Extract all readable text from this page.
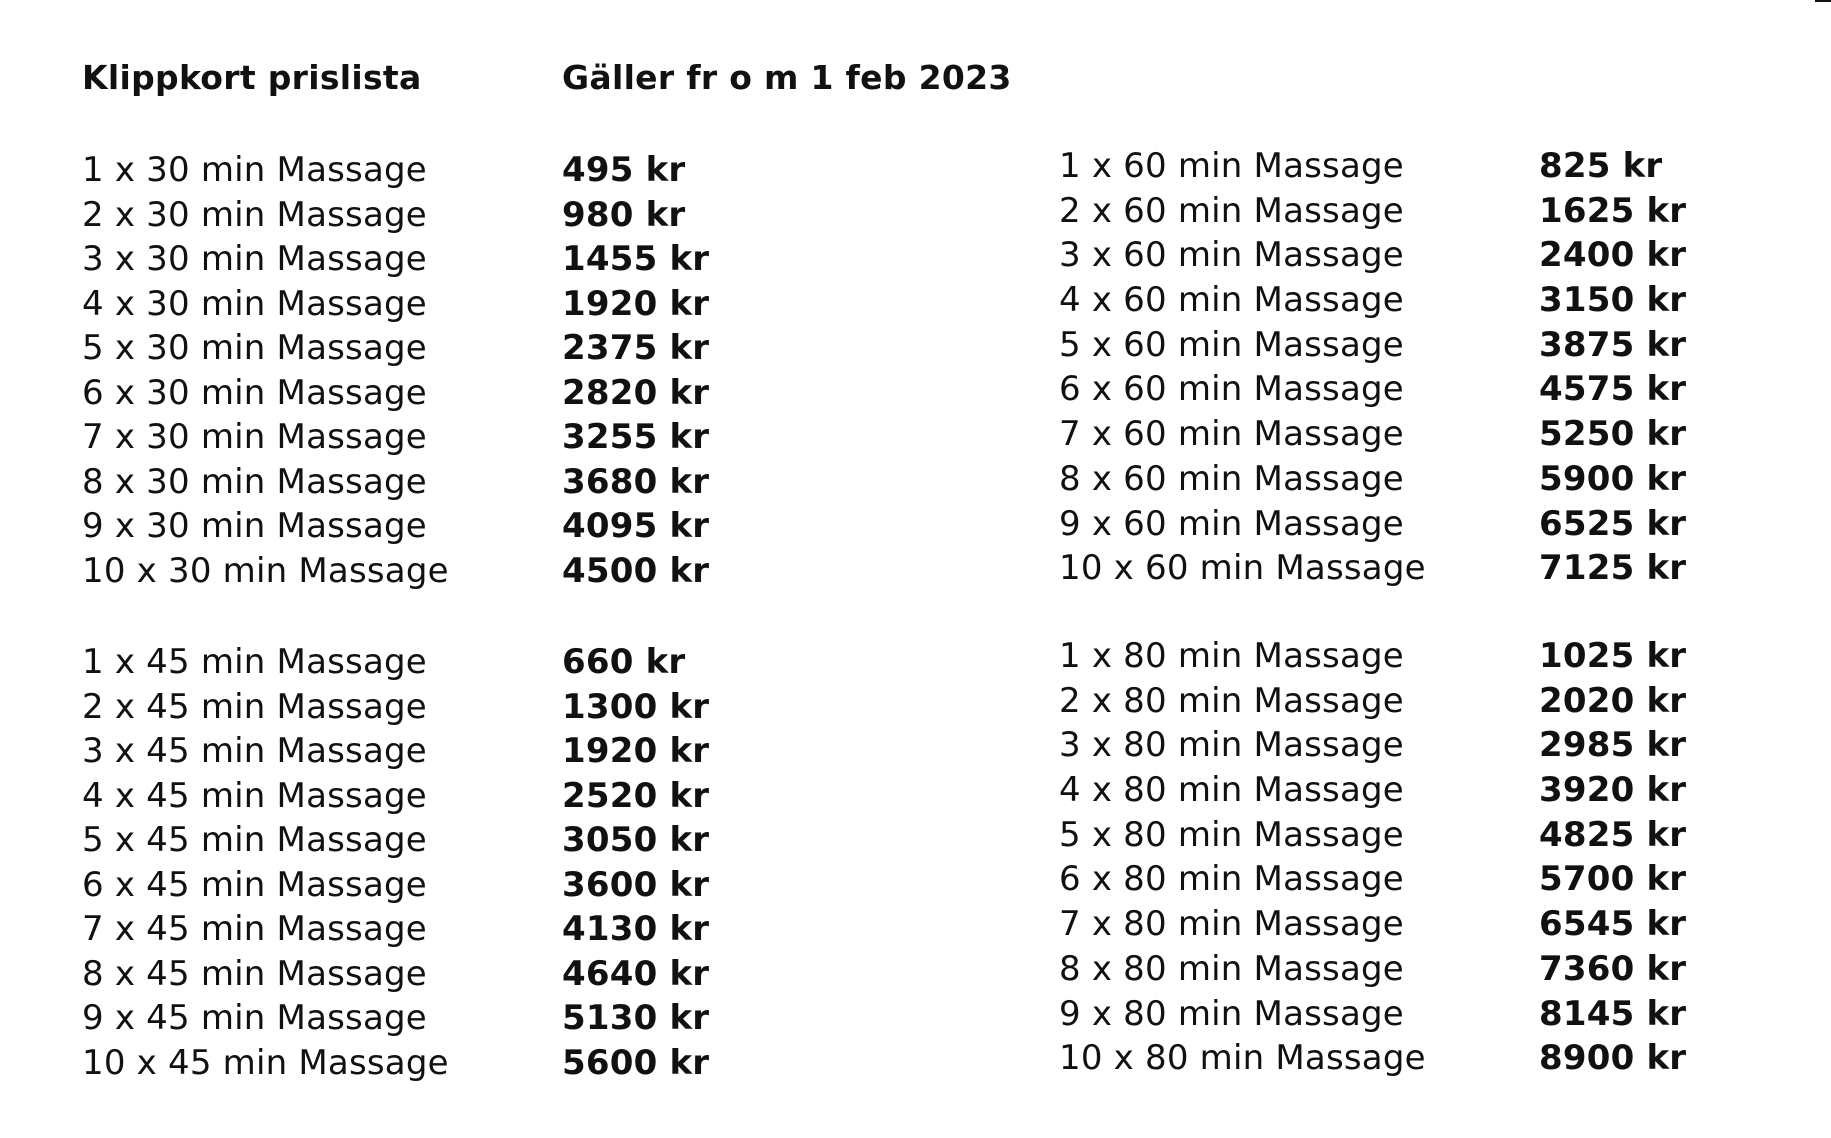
Klippkort prislista	Gäller fr o m 1 feb 2023
1 x 30 min Massage	495 kr
2 x 30 min Massage	980 kr
3 x 30 min Massage	1455 kr
4 x 30 min Massage	1920 kr
5 x 30 min Massage	2375 kr
6 x 30 min Massage	2820 kr
7 x 30 min Massage	3255 kr
8 x 30 min Massage	3680 kr
9 x 30 min Massage	4095 kr
10 x 30 min Massage	4500 kr
1 x 45 min Massage	660 kr
2 x 45 min Massage	1300 kr
3 x 45 min Massage	1920 kr
4 x 45 min Massage	2520 kr
5 x 45 min Massage	3050 kr
6 x 45 min Massage	3600 kr
7 x 45 min Massage	4130 kr
8 x 45 min Massage	4640 kr
9 x 45 min Massage	5130 kr
10 x 45 min Massage	5600 kr
1 x 60 min Massage	825 kr
2 x 60 min Massage	1625 kr
3 x 60 min Massage	2400 kr
4 x 60 min Massage	3150 kr
5 x 60 min Massage	3875 kr
6 x 60 min Massage	4575 kr
7 x 60 min Massage	5250 kr
8 x 60 min Massage	5900 kr
9 x 60 min Massage	6525 kr
10 x 60 min Massage	7125 kr
1 x 80 min Massage	1025 kr
2 x 80 min Massage	2020 kr
3 x 80 min Massage	2985 kr
4 x 80 min Massage	3920 kr
5 x 80 min Massage	4825 kr
6 x 80 min Massage	5700 kr
7 x 80 min Massage	6545 kr
8 x 80 min Massage	7360 kr
9 x 80 min Massage	8145 kr
10 x 80 min Massage	8900 kr
